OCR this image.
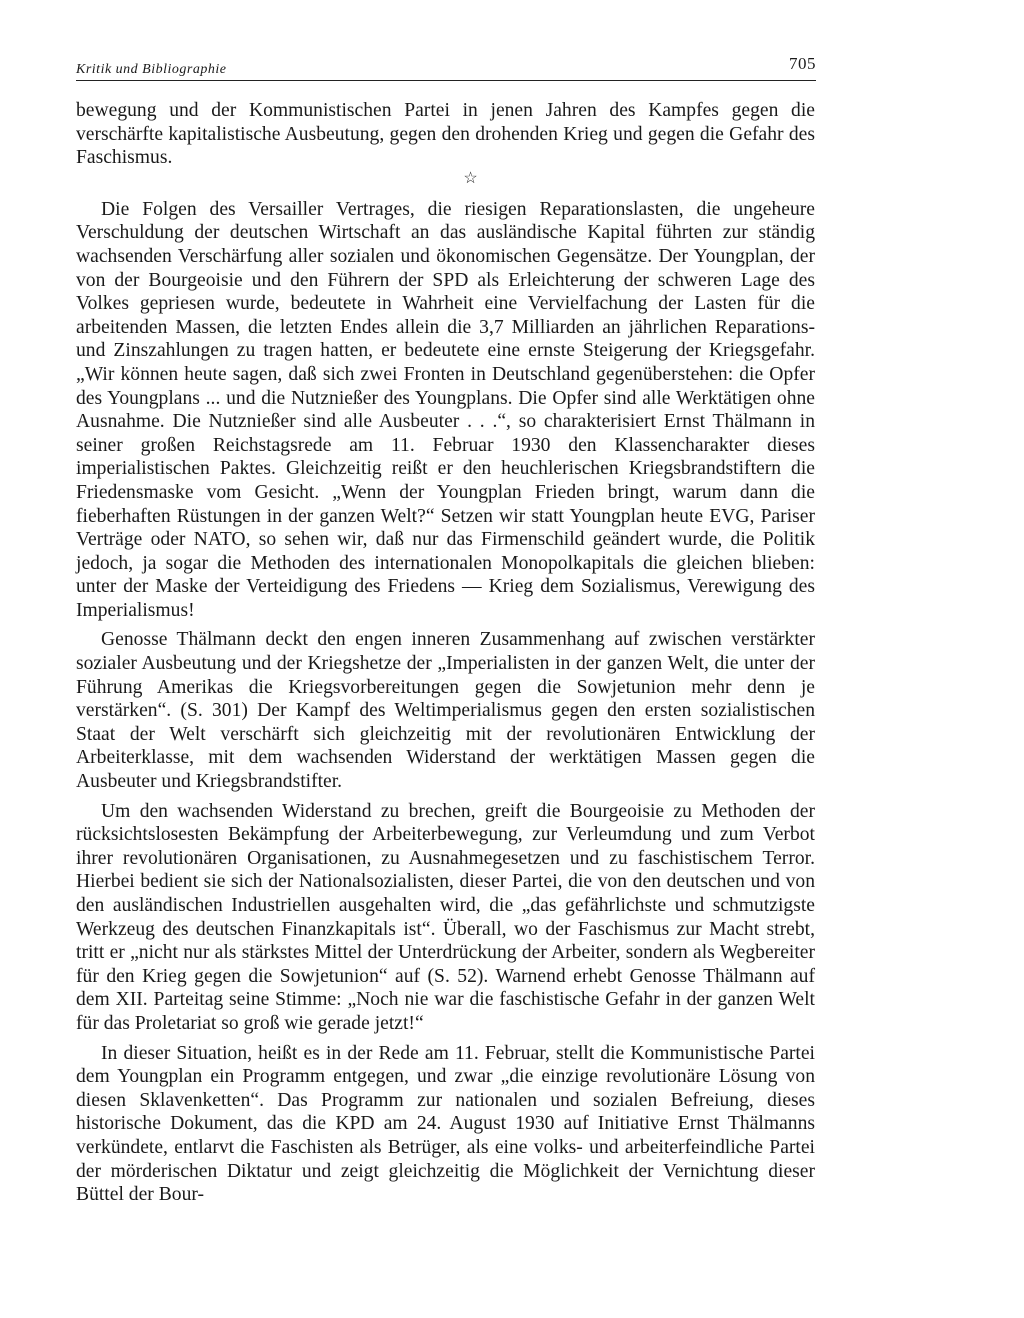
Kritik und Bibliographie	705

bewegung und der Kommunistischen Partei in jenen Jahren des Kampfes gegen die verschärfte kapitalistische Ausbeutung, gegen den drohenden Krieg und gegen die Gefahr des Faschismus.

☆

Die Folgen des Versailler Vertrages, die riesigen Reparationslasten, die ungeheure Verschuldung der deutschen Wirtschaft an das ausländische Kapital führten zur ständig wachsenden Verschärfung aller sozialen und ökonomischen Gegensätze. Der Youngplan, der von der Bourgeoisie und den Führern der SPD als Erleichterung der schweren Lage des Volkes gepriesen wurde, bedeutete in Wahrheit eine Vervielfachung der Lasten für die arbeitenden Massen, die letzten Endes allein die 3,7 Milliarden an jährlichen Reparations- und Zinszahlungen zu tragen hatten, er bedeutete eine ernste Steigerung der Kriegsgefahr. „Wir können heute sagen, daß sich zwei Fronten in Deutschland gegenüberstehen: die Opfer des Youngplans ... und die Nutznießer des Youngplans. Die Opfer sind alle Werktätigen ohne Ausnahme. Die Nutznießer sind alle Ausbeuter . . .“, so charakterisiert Ernst Thälmann in seiner großen Reichstagsrede am 11. Februar 1930 den Klassencharakter dieses imperialistischen Paktes. Gleichzeitig reißt er den heuchlerischen Kriegsbrandstiftern die Friedensmaske vom Gesicht. „Wenn der Youngplan Frieden bringt, warum dann die fieberhaften Rüstungen in der ganzen Welt?“ Setzen wir statt Youngplan heute EVG, Pariser Verträge oder NATO, so sehen wir, daß nur das Firmenschild geändert wurde, die Politik jedoch, ja sogar die Methoden des internationalen Monopolkapitals die gleichen blieben: unter der Maske der Verteidigung des Friedens — Krieg dem Sozialismus, Verewigung des Imperialismus!

Genosse Thälmann deckt den engen inneren Zusammenhang auf zwischen verstärkter sozialer Ausbeutung und der Kriegshetze der „Imperialisten in der ganzen Welt, die unter der Führung Amerikas die Kriegsvorbereitungen gegen die Sowjetunion mehr denn je verstärken“. (S. 301) Der Kampf des Weltimperialismus gegen den ersten sozialistischen Staat der Welt verschärft sich gleichzeitig mit der revolutionären Entwicklung der Arbeiterklasse, mit dem wachsenden Widerstand der werktätigen Massen gegen die Ausbeuter und Kriegsbrandstifter.

Um den wachsenden Widerstand zu brechen, greift die Bourgeoisie zu Methoden der rücksichtslosesten Bekämpfung der Arbeiterbewegung, zur Verleumdung und zum Verbot ihrer revolutionären Organisationen, zu Ausnahmegesetzen und zu faschistischem Terror. Hierbei bedient sie sich der Nationalsozialisten, dieser Partei, die von den deutschen und von den ausländischen Industriellen ausgehalten wird, die „das gefährlichste und schmutzigste Werkzeug des deutschen Finanzkapitals ist“. Überall, wo der Faschismus zur Macht strebt, tritt er „nicht nur als stärkstes Mittel der Unterdrückung der Arbeiter, sondern als Wegbereiter für den Krieg gegen die Sowjetunion“ auf (S. 52). Warnend erhebt Genosse Thälmann auf dem XII. Parteitag seine Stimme: „Noch nie war die faschistische Gefahr in der ganzen Welt für das Proletariat so groß wie gerade jetzt!“

In dieser Situation, heißt es in der Rede am 11. Februar, stellt die Kommunistische Partei dem Youngplan ein Programm entgegen, und zwar „die einzige revolutionäre Lösung von diesen Sklavenketten“. Das Programm zur nationalen und sozialen Befreiung, dieses historische Dokument, das die KPD am 24. August 1930 auf Initiative Ernst Thälmanns verkündete, entlarvt die Faschisten als Betrüger, als eine volks- und arbeiterfeindliche Partei der mörderischen Diktatur und zeigt gleichzeitig die Möglichkeit der Vernichtung dieser Büttel der Bour-
